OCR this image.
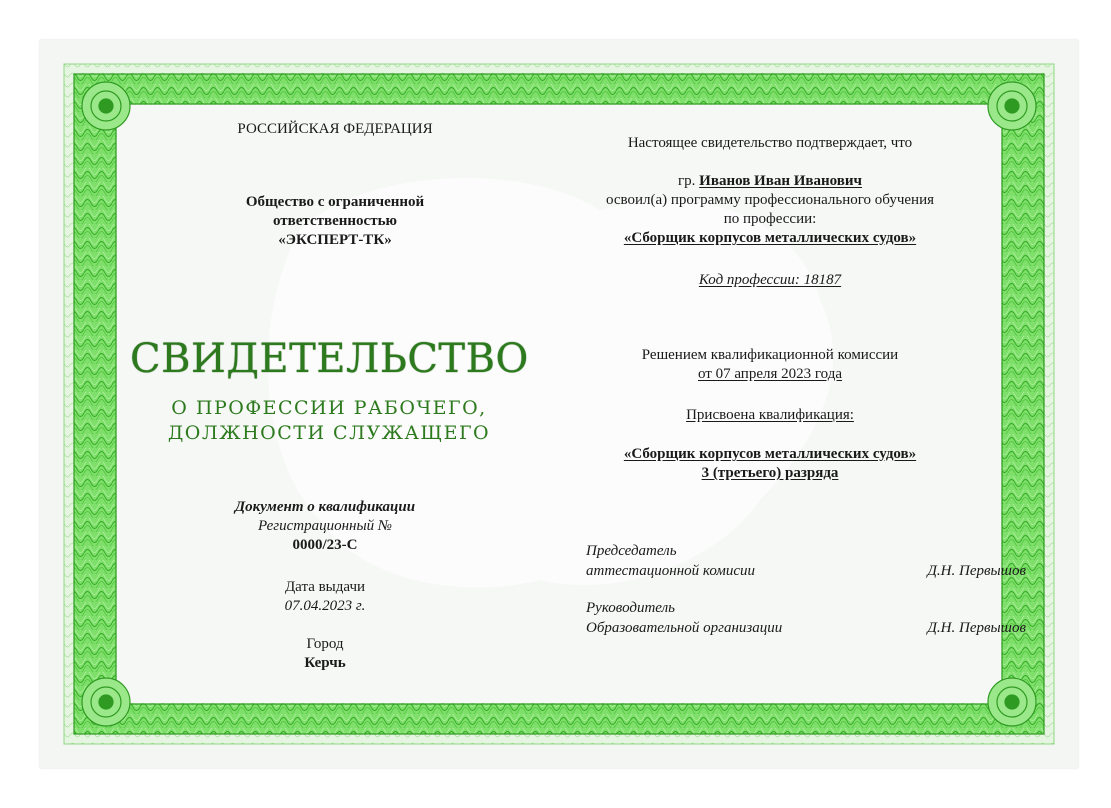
РОССИЙСКАЯ ФЕДЕРАЦИЯ
Общество с ограниченной
ответственностью
«ЭКСПЕРТ-ТК»
СВИДЕТЕЛЬСТВО
О ПРОФЕССИИ РАБОЧЕГО,
ДОЛЖНОСТИ СЛУЖАЩЕГО
Документ о квалификации
Регистрационный №
0000/23-С
Дата выдачи
07.04.2023 г.
Город
Керчь
Настоящее свидетельство подтверждает, что
гр. Иванов Иван Иванович
освоил(а) программу профессионального обучения
по профессии:
«Сборщик корпусов металлических судов»
Код профессии: 18187
Решением квалификационной комиссии
от 07 апреля 2023 года
Присвоена квалификация:
«Сборщик корпусов металлических судов»
3 (третьего) разряда
Председатель
аттестационной комисии	Д.Н. Первышов
Руководитель
Образовательной организации	Д.Н. Первышов
